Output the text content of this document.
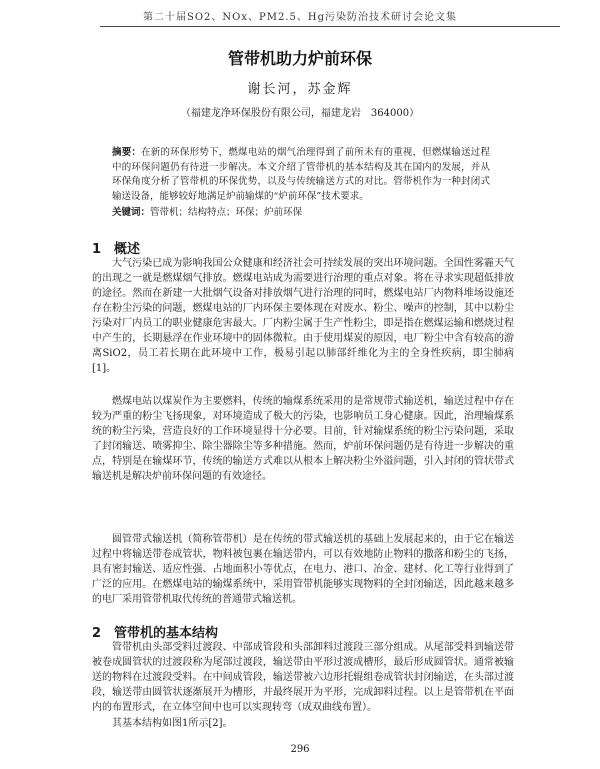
第二十届SO2、NOx、PM2.5、Hg污染防治技术研讨会论文集
管带机助力炉前环保
谢长河，苏金辉
（福建龙净环保股份有限公司，福建龙岩　364000）
摘要：在新的环保形势下，燃煤电站的烟气治理得到了前所未有的重视，但燃煤输送过程中的环保问题仍有待进一步解决。本文介绍了管带机的基本结构及其在国内的发展，并从环保角度分析了管带机的环保优势，以及与传统输送方式的对比。管带机作为一种封闭式输送设备，能够较好地满足炉前输煤的“炉前环保”技术要求。
关键词：管带机；结构特点；环保；炉前环保
1　概述
大气污染已成为影响我国公众健康和经济社会可持续发展的突出环境问题。全国性雾霾天气的出现之一就是燃煤烟气排放。燃煤电站成为需要进行治理的重点对象。将在寻求实现超低排放的途径。然而在新建一大批烟气设备对排放烟气进行治理的同时，燃煤电站厂内物料堆场设施还存在粉尘污染的问题，燃煤电站的厂内环保主要体现在对废水、粉尘、噪声的控制，其中以粉尘污染对厂内员工的职业健康危害最大。厂内粉尘属于生产性粉尘，即是指在燃煤运输和燃烧过程中产生的，长期悬浮在作业环境中的固体微粒。由于使用煤炭的原因，电厂粉尘中含有较高的游离SiO2，员工若长期在此环境中工作，极易引起以肺部纤维化为主的全身性疾病，即尘肺病[1]。
燃煤电站以煤炭作为主要燃料，传统的输煤系统采用的是常规带式输送机，输送过程中存在较为严重的粉尘飞扬现象，对环境造成了极大的污染，也影响员工身心健康。因此，治理输煤系统的粉尘污染，营造良好的工作环境显得十分必要。目前，针对输煤系统的粉尘污染问题，采取了封闭输送、喷雾抑尘、除尘器除尘等多种措施。然而，炉前环保问题仍是有待进一步解决的重点，特别是在输煤环节，传统的输送方式难以从根本上解决粉尘外溢问题，引入封闭的管状带式输送机是解决炉前环保问题的有效途径。
圆管带式输送机（简称管带机）是在传统的带式输送机的基础上发展起来的，由于它在输送过程中将输送带卷成管状，物料被包裹在输送带内，可以有效地防止物料的撒落和粉尘的飞扬，具有密封输送、适应性强、占地面积小等优点，在电力、港口、冶金、建材、化工等行业得到了广泛的应用。在燃煤电站的输煤系统中，采用管带机能够实现物料的全封闭输送，因此越来越多的电厂采用管带机取代传统的普通带式输送机。
2　管带机的基本结构
管带机由头部受料过渡段、中部成管段和头部卸料过渡段三部分组成。从尾部受料到输送带被卷成圆管状的过渡段称为尾部过渡段，输送带由平形过渡成槽形，最后形成圆管状。通常被输送的物料在过渡段受料。在中间成管段，输送带被六边形托辊组卷成管状封闭输送，在头部过渡段，输送带由圆管状逐渐展开为槽形，并最终展开为平形，完成卸料过程。以上是管带机在平面内的布置形式，在立体空间中也可以实现转弯（成双曲线布置）。
其基本结构如图1所示[2]。
296
